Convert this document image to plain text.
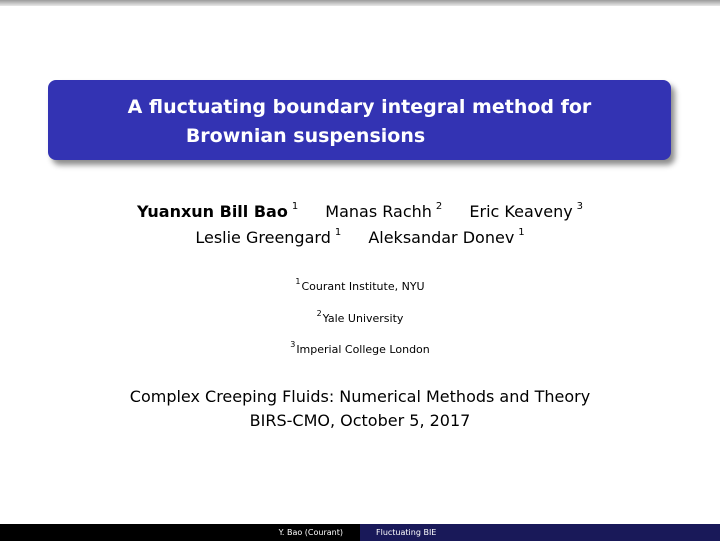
A fluctuating boundary integral method for
Brownian suspensions
Yuanxun Bill Bao $^1$ Manas Rachh $^2$ Eric Keaveny $^3$
Leslie Greengard $^1$ Aleksandar Donev $^1$
$^1$Courant Institute, NYU
$^2$Yale University
$^3$Imperial College London
Complex Creeping Fluids: Numerical Methods and Theory
BIRS-CMO, October 5, 2017
Y. Bao (Courant)	Fluctuating BIE
